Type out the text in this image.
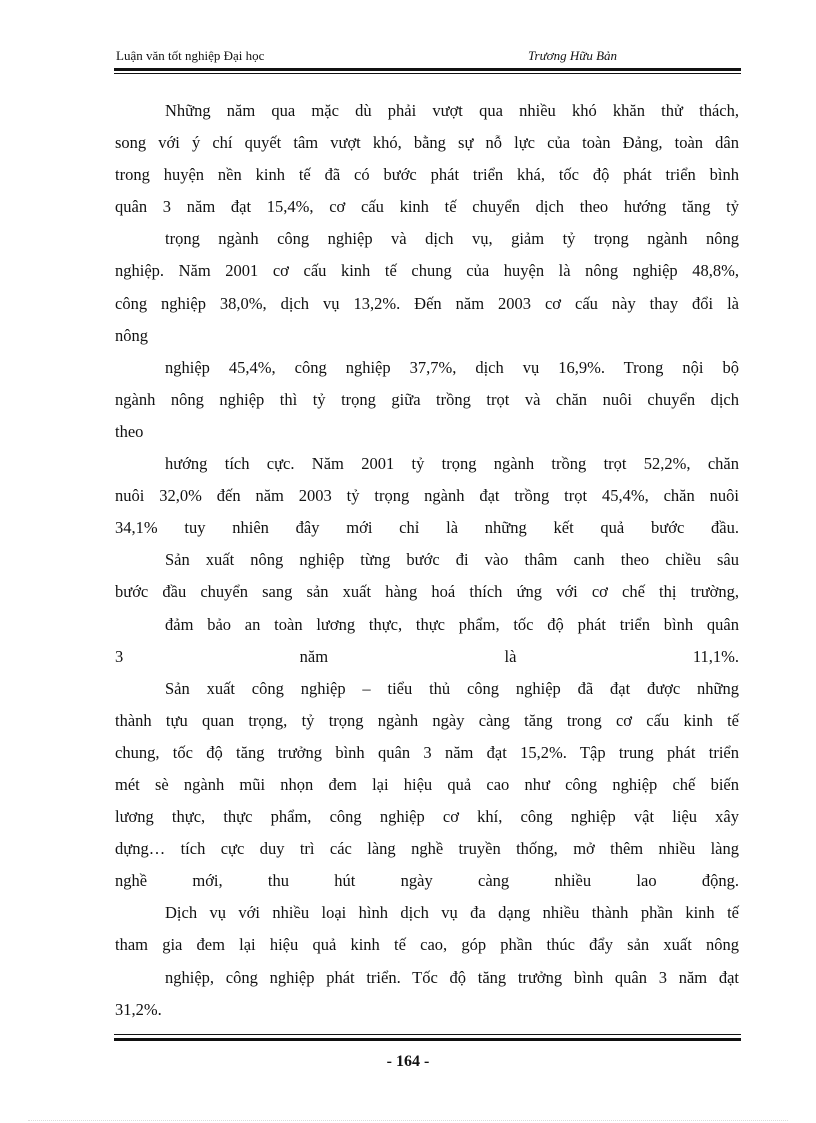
Luận văn tốt nghiệp Đại học	Trương Hữu Bản
Những năm qua mặc dù phải vượt qua nhiều khó khăn thử thách,
song với ý chí quyết tâm vượt khó, bằng sự nỗ lực của toàn Đảng, toàn dân
trong huyện nền kinh tế đã có bước phát triển khá, tốc độ phát triển bình
quân 3 năm đạt 15,4%, cơ cấu kinh tế chuyển dịch theo hướng tăng tỷ
trọng ngành công nghiệp và dịch vụ, giảm tỷ trọng ngành nông
nghiệp. Năm 2001 cơ cấu kinh tế chung của huyện là nông nghiệp 48,8%,
công nghiệp 38,0%, dịch vụ 13,2%. Đến năm 2003 cơ cấu này thay đổi là
nông
nghiệp 45,4%, công nghiệp 37,7%, dịch vụ 16,9%. Trong nội bộ
ngành nông nghiệp thì tỷ trọng giữa trồng trọt và chăn nuôi chuyển dịch
theo
hướng tích cực. Năm 2001 tỷ trọng ngành trồng trọt 52,2%, chăn
nuôi 32,0% đến năm 2003 tỷ trọng ngành đạt trồng trọt 45,4%, chăn nuôi
34,1% tuy nhiên đây mới chỉ là những kết quả bước đầu.
Sản xuất nông nghiệp từng bước đi vào thâm canh theo chiều sâu
bước đầu chuyển sang sản xuất hàng hoá thích ứng với cơ chế thị trường,
đảm bảo an toàn lương thực, thực phẩm, tốc độ phát triển bình quân
3 năm là 11,1%.
Sản xuất công nghiệp – tiểu thủ công nghiệp đã đạt được những
thành tựu quan trọng, tỷ trọng ngành ngày càng tăng trong cơ cấu kinh tế
chung, tốc độ tăng trưởng bình quân 3 năm đạt 15,2%. Tập trung phát triển
mét sè ngành mũi nhọn đem lại hiệu quả cao như công nghiệp chế biến
lương thực, thực phẩm, công nghiệp cơ khí, công nghiệp vật liệu xây
dựng… tích cực duy trì các làng nghề truyền thống, mở thêm nhiều làng
nghề mới, thu hút ngày càng nhiều lao động.
Dịch vụ với nhiều loại hình dịch vụ đa dạng nhiều thành phần kinh tế
tham gia đem lại hiệu quả kinh tế cao, góp phần thúc đẩy sản xuất nông
nghiệp, công nghiệp phát triển. Tốc độ tăng trưởng bình quân 3 năm đạt
31,2%.
- 164 -
